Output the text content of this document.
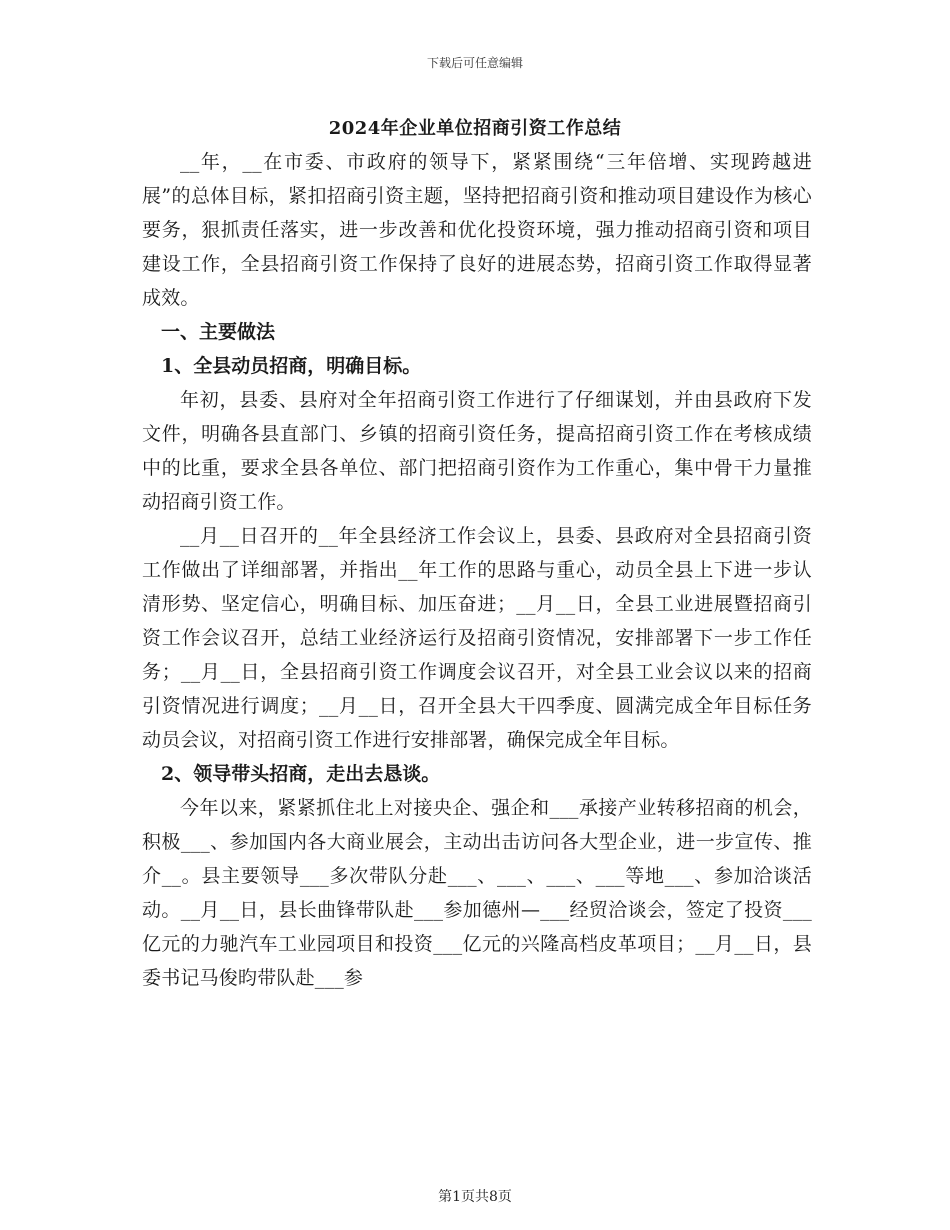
下载后可任意编辑
2024年企业单位招商引资工作总结

__年，__在市委、市政府的领导下，紧紧围绕“三年倍增、实现跨越进展”的总体目标，紧扣招商引资主题，坚持把招商引资和推动项目建设作为核心要务，狠抓责任落实，进一步改善和优化投资环境，强力推动招商引资和项目建设工作，全县招商引资工作保持了良好的进展态势，招商引资工作取得显著成效。

一、主要做法

1、全县动员招商，明确目标。

年初，县委、县府对全年招商引资工作进行了仔细谋划，并由县政府下发文件，明确各县直部门、乡镇的招商引资任务，提高招商引资工作在考核成绩中的比重，要求全县各单位、部门把招商引资作为工作重心，集中骨干力量推动招商引资工作。

__月__日召开的__年全县经济工作会议上，县委、县政府对全县招商引资工作做出了详细部署，并指出__年工作的思路与重心，动员全县上下进一步认清形势、坚定信心，明确目标、加压奋进；__月__日，全县工业进展暨招商引资工作会议召开，总结工业经济运行及招商引资情况，安排部署下一步工作任务；__月__日，全县招商引资工作调度会议召开，对全县工业会议以来的招商引资情况进行调度；__月__日，召开全县大干四季度、圆满完成全年目标任务动员会议，对招商引资工作进行安排部署，确保完成全年目标。

2、领导带头招商，走出去恳谈。

今年以来，紧紧抓住北上对接央企、强企和___承接产业转移招商的机会，积极___、参加国内各大商业展会，主动出击访问各大型企业，进一步宣传、推介__。县主要领导___多次带队分赴___、___、___、___等地___、参加洽谈活动。__月__日，县长曲锋带队赴___参加德州—___经贸洽谈会，签定了投资___亿元的力驰汽车工业园项目和投资___亿元的兴隆高档皮革项目；__月__日，县委书记马俊昀带队赴___参

第1页共8页
